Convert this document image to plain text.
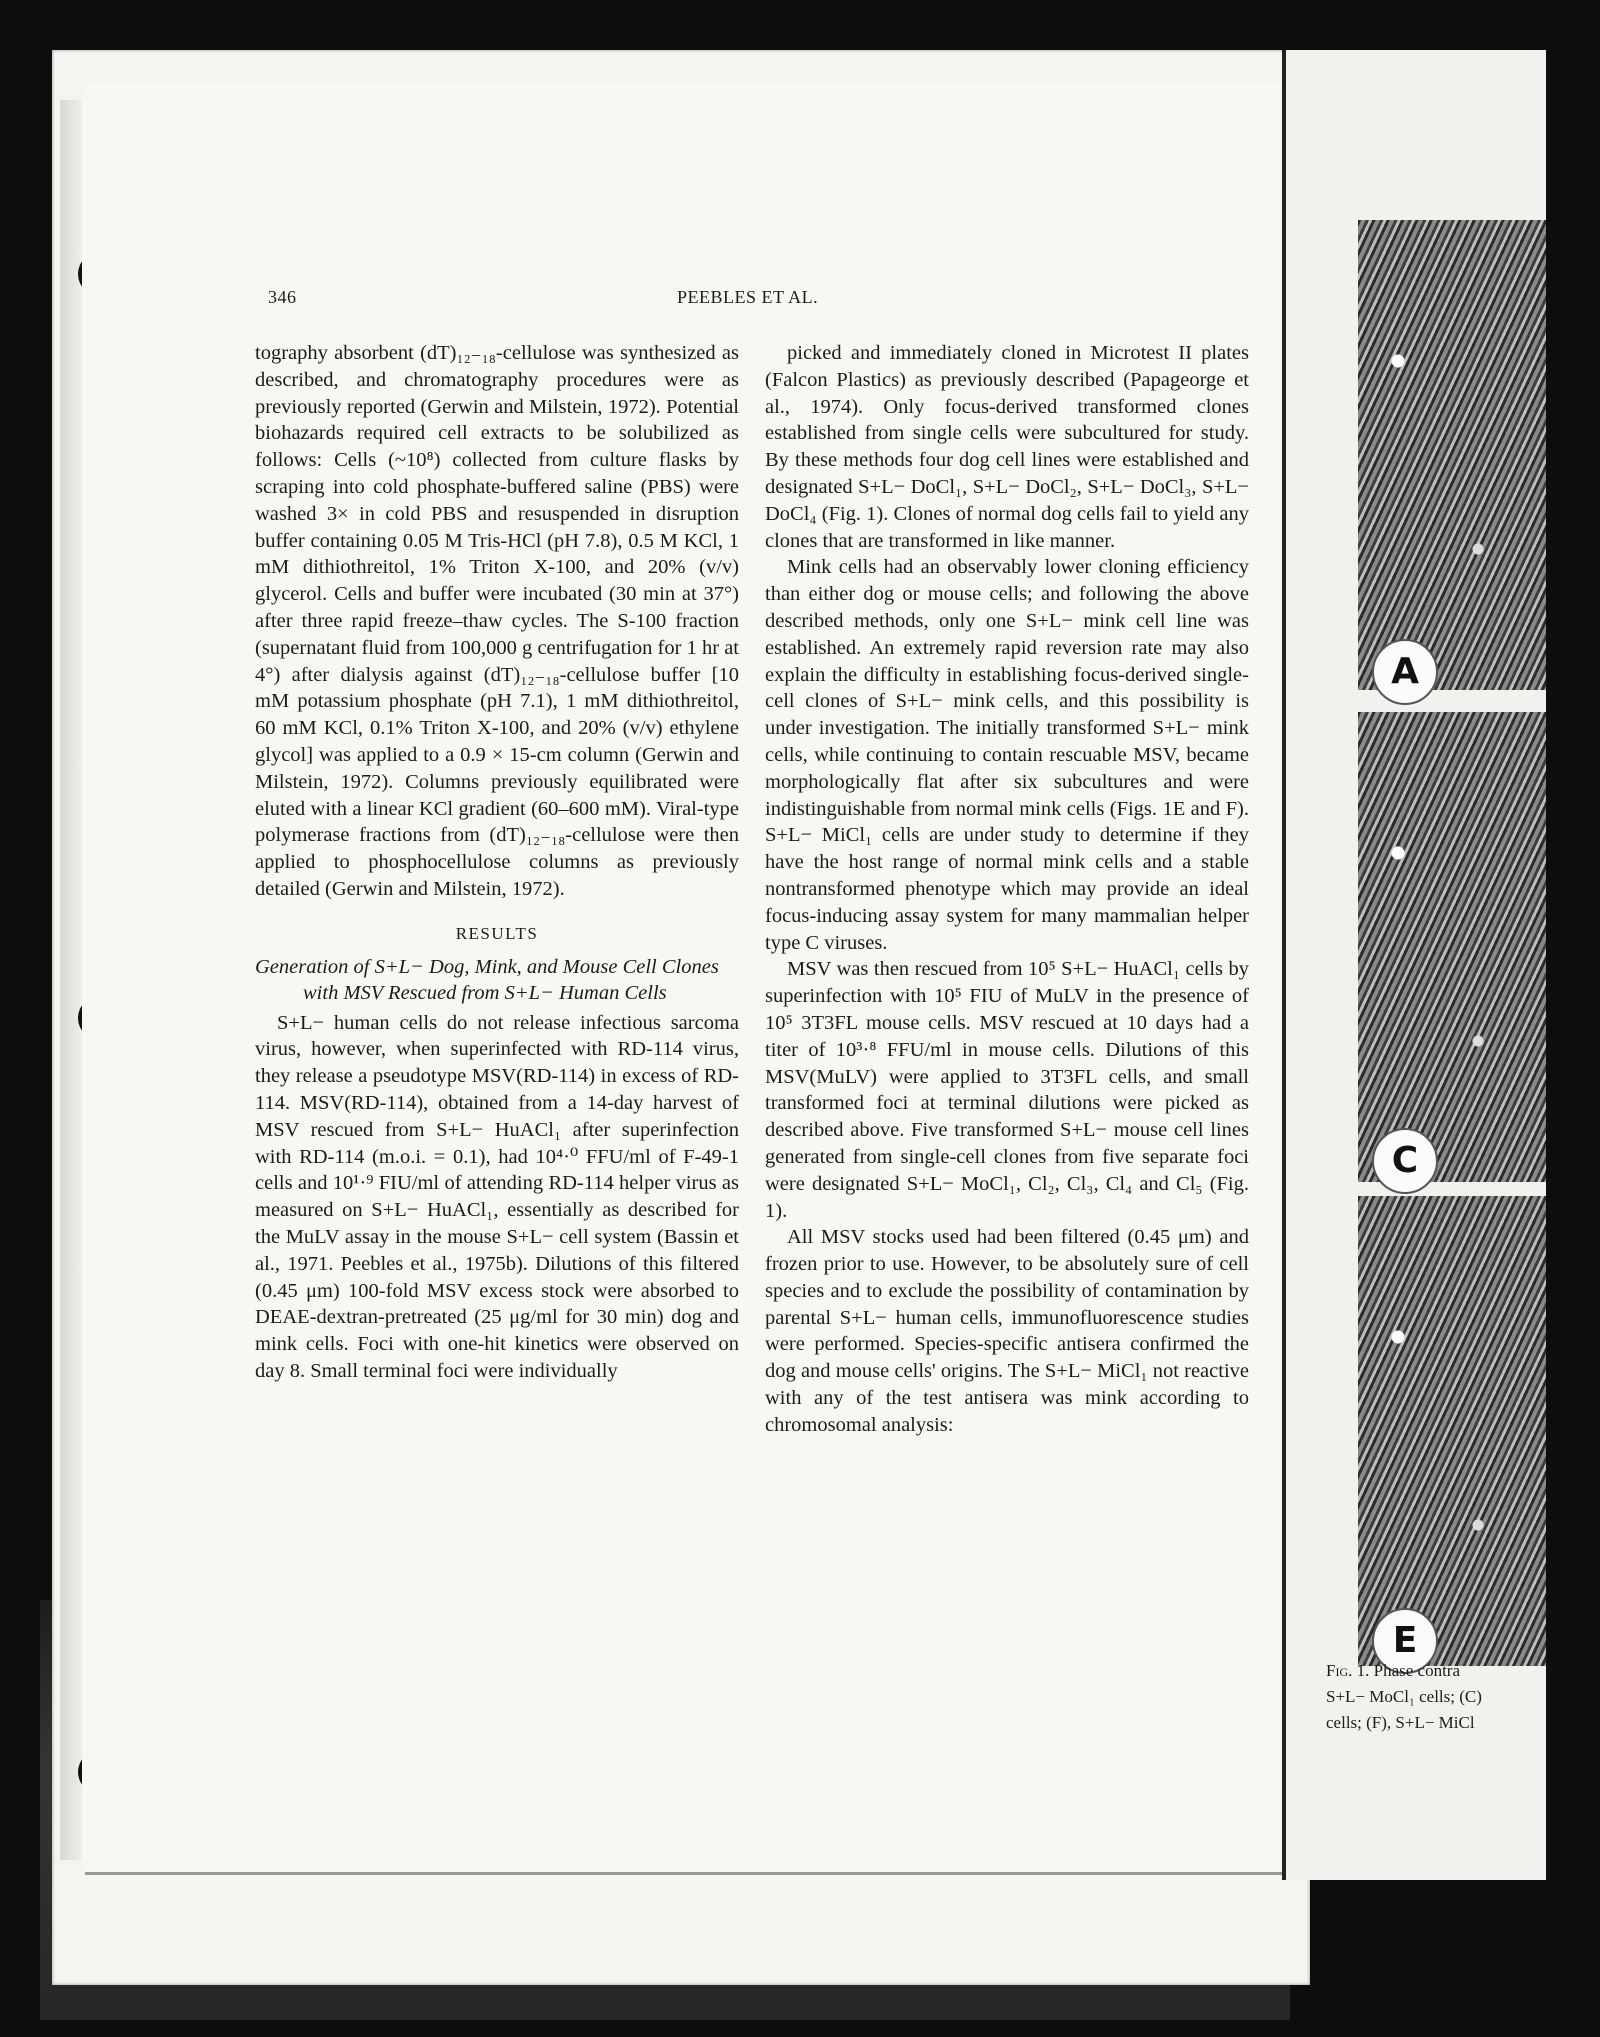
346	PEEBLES ET AL.

tography absorbent (dT)₁₂₋₁₈-cellulose was synthesized as described, and chromatography procedures were as previously reported (Gerwin and Milstein, 1972). Potential biohazards required cell extracts to be solubilized as follows: Cells (~10⁸) collected from culture flasks by scraping into cold phosphate-buffered saline (PBS) were washed 3× in cold PBS and resuspended in disruption buffer containing 0.05 M Tris-HCl (pH 7.8), 0.5 M KCl, 1 mM dithiothreitol, 1% Triton X-100, and 20% (v/v) glycerol. Cells and buffer were incubated (30 min at 37°) after three rapid freeze–thaw cycles. The S-100 fraction (supernatant fluid from 100,000 g centrifugation for 1 hr at 4°) after dialysis against (dT)₁₂₋₁₈-cellulose buffer [10 mM potassium phosphate (pH 7.1), 1 mM dithiothreitol, 60 mM KCl, 0.1% Triton X-100, and 20% (v/v) ethylene glycol] was applied to a 0.9 × 15-cm column (Gerwin and Milstein, 1972). Columns previously equilibrated were eluted with a linear KCl gradient (60–600 mM). Viral-type polymerase fractions from (dT)₁₂₋₁₈-cellulose were then applied to phosphocellulose columns as previously detailed (Gerwin and Milstein, 1972).

RESULTS
Generation of S+L− Dog, Mink, and Mouse Cell Clones with MSV Rescued from S+L− Human Cells

S+L− human cells do not release infectious sarcoma virus, however, when superinfected with RD-114 virus, they release a pseudotype MSV(RD-114) in excess of RD-114. MSV(RD-114), obtained from a 14-day harvest of MSV rescued from S+L− HuACl₁ after superinfection with RD-114 (m.o.i. = 0.1), had 10⁴·⁰ FFU/ml of F-49-1 cells and 10¹·⁹ FIU/ml of attending RD-114 helper virus as measured on S+L− HuACl₁, essentially as described for the MuLV assay in the mouse S+L− cell system (Bassin et al., 1971. Peebles et al., 1975b). Dilutions of this filtered (0.45 μm) 100-fold MSV excess stock were absorbed to DEAE-dextran-pretreated (25 μg/ml for 30 min) dog and mink cells. Foci with one-hit kinetics were observed on day 8. Small terminal foci were individually

picked and immediately cloned in Microtest II plates (Falcon Plastics) as previously described (Papageorge et al., 1974). Only focus-derived transformed clones established from single cells were subcultured for study. By these methods four dog cell lines were established and designated S+L− DoCl₁, S+L− DoCl₂, S+L− DoCl₃, S+L− DoCl₄ (Fig. 1). Clones of normal dog cells fail to yield any clones that are transformed in like manner.

Mink cells had an observably lower cloning efficiency than either dog or mouse cells; and following the above described methods, only one S+L− mink cell line was established. An extremely rapid reversion rate may also explain the difficulty in establishing focus-derived single-cell clones of S+L− mink cells, and this possibility is under investigation. The initially transformed S+L− mink cells, while continuing to contain rescuable MSV, became morphologically flat after six subcultures and were indistinguishable from normal mink cells (Figs. 1E and F). S+L− MiCl₁ cells are under study to determine if they have the host range of normal mink cells and a stable nontransformed phenotype which may provide an ideal focus-inducing assay system for many mammalian helper type C viruses.

MSV was then rescued from 10⁵ S+L− HuACl₁ cells by superinfection with 10⁵ FIU of MuLV in the presence of 10⁵ 3T3FL mouse cells. MSV rescued at 10 days had a titer of 10³·⁸ FFU/ml in mouse cells. Dilutions of this MSV(MuLV) were applied to 3T3FL cells, and small transformed foci at terminal dilutions were picked as described above. Five transformed S+L− mouse cell lines generated from single-cell clones from five separate foci were designated S+L− MoCl₁, Cl₂, Cl₃, Cl₄ and Cl₅ (Fig. 1).

All MSV stocks used had been filtered (0.45 μm) and frozen prior to use. However, to be absolutely sure of cell species and to exclude the possibility of contamination by parental S+L− human cells, immunofluorescence studies were performed. Species-specific antisera confirmed the dog and mouse cells' origins. The S+L− MiCl₁ not reactive with any of the test antisera was mink according to chromosomal analysis:

A
C
E
Fig. 1. Phase contra
S+L− MoCl₁ cells; (C)
cells; (F), S+L− MiCl
